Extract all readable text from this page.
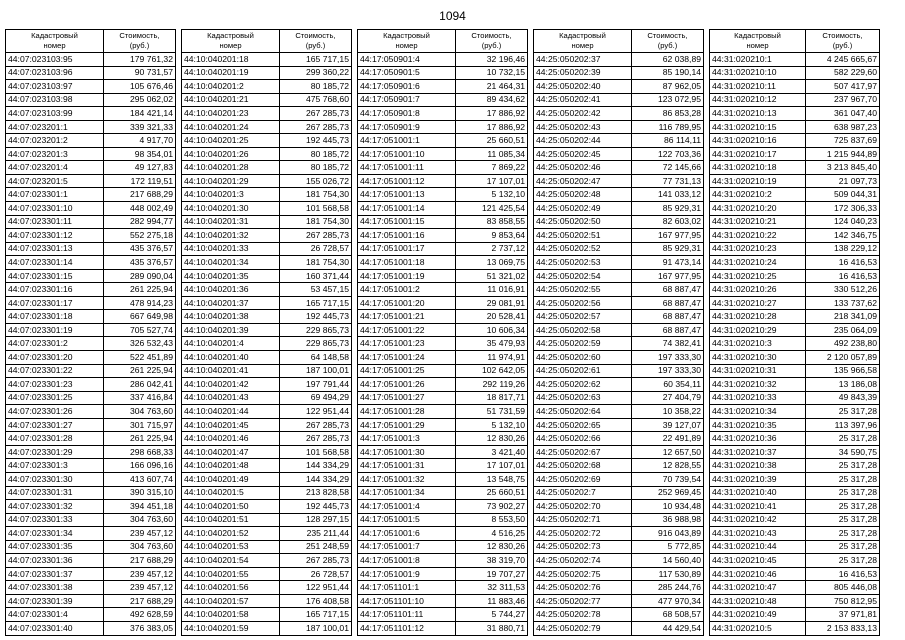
1094
Кадастровый
номер	Стоимость,
(руб.)
44:07:023103:95	179 761,32
44:07:023103:96	90 731,57
44:07:023103:97	105 676,46
44:07:023103:98	295 062,02
44:07:023103:99	184 421,14
44:07:023201:1	339 321,33
44:07:023201:2	4 917,70
44:07:023201:3	98 354,01
44:07:023201:4	49 127,83
44:07:023201:5	172 119,51
44:07:023301:1	217 688,29
44:07:023301:10	448 002,49
44:07:023301:11	282 994,77
44:07:023301:12	552 275,18
44:07:023301:13	435 376,57
44:07:023301:14	435 376,57
44:07:023301:15	289 090,04
44:07:023301:16	261 225,94
44:07:023301:17	478 914,23
44:07:023301:18	667 649,98
44:07:023301:19	705 527,74
44:07:023301:2	326 532,43
44:07:023301:20	522 451,89
44:07:023301:22	261 225,94
44:07:023301:23	286 042,41
44:07:023301:25	337 416,84
44:07:023301:26	304 763,60
44:07:023301:27	301 715,97
44:07:023301:28	261 225,94
44:07:023301:29	298 668,33
44:07:023301:3	166 096,16
44:07:023301:30	413 607,74
44:07:023301:31	390 315,10
44:07:023301:32	394 451,18
44:07:023301:33	304 763,60
44:07:023301:34	239 457,12
44:07:023301:35	304 763,60
44:07:023301:36	217 688,29
44:07:023301:37	239 457,12
44:07:023301:38	239 457,12
44:07:023301:39	217 688,29
44:07:023301:4	492 628,59
44:07:023301:40	376 383,05
Кадастровый
номер	Стоимость,
(руб.)
44:10:040201:18	165 717,15
44:10:040201:19	299 360,22
44:10:040201:2	80 185,72
44:10:040201:21	475 768,60
44:10:040201:23	267 285,73
44:10:040201:24	267 285,73
44:10:040201:25	192 445,73
44:10:040201:26	80 185,72
44:10:040201:28	80 185,72
44:10:040201:29	155 026,72
44:10:040201:3	181 754,30
44:10:040201:30	101 568,58
44:10:040201:31	181 754,30
44:10:040201:32	267 285,73
44:10:040201:33	26 728,57
44:10:040201:34	181 754,30
44:10:040201:35	160 371,44
44:10:040201:36	53 457,15
44:10:040201:37	165 717,15
44:10:040201:38	192 445,73
44:10:040201:39	229 865,73
44:10:040201:4	229 865,73
44:10:040201:40	64 148,58
44:10:040201:41	187 100,01
44:10:040201:42	197 791,44
44:10:040201:43	69 494,29
44:10:040201:44	122 951,44
44:10:040201:45	267 285,73
44:10:040201:46	267 285,73
44:10:040201:47	101 568,58
44:10:040201:48	144 334,29
44:10:040201:49	144 334,29
44:10:040201:5	213 828,58
44:10:040201:50	192 445,73
44:10:040201:51	128 297,15
44:10:040201:52	235 211,44
44:10:040201:53	251 248,59
44:10:040201:54	267 285,73
44:10:040201:55	26 728,57
44:10:040201:56	122 951,44
44:10:040201:57	176 408,58
44:10:040201:58	165 717,15
44:10:040201:59	187 100,01
Кадастровый
номер	Стоимость,
(руб.)
44:17:050901:4	32 196,46
44:17:050901:5	10 732,15
44:17:050901:6	21 464,31
44:17:050901:7	89 434,62
44:17:050901:8	17 886,92
44:17:050901:9	17 886,92
44:17:051001:1	25 660,51
44:17:051001:10	11 085,34
44:17:051001:11	7 869,22
44:17:051001:12	17 107,01
44:17:051001:13	5 132,10
44:17:051001:14	121 425,54
44:17:051001:15	83 858,55
44:17:051001:16	9 853,64
44:17:051001:17	2 737,12
44:17:051001:18	13 069,75
44:17:051001:19	51 321,02
44:17:051001:2	11 016,91
44:17:051001:20	29 081,91
44:17:051001:21	20 528,41
44:17:051001:22	10 606,34
44:17:051001:23	35 479,93
44:17:051001:24	11 974,91
44:17:051001:25	102 642,05
44:17:051001:26	292 119,26
44:17:051001:27	18 817,71
44:17:051001:28	51 731,59
44:17:051001:29	5 132,10
44:17:051001:3	12 830,26
44:17:051001:30	3 421,40
44:17:051001:31	17 107,01
44:17:051001:32	13 548,75
44:17:051001:34	25 660,51
44:17:051001:4	73 902,27
44:17:051001:5	8 553,50
44:17:051001:6	4 516,25
44:17:051001:7	12 830,26
44:17:051001:8	38 319,70
44:17:051001:9	19 707,27
44:17:051101:1	32 311,53
44:17:051101:10	11 883,46
44:17:051101:11	5 744,27
44:17:051101:12	31 880,71
Кадастровый
номер	Стоимость,
(руб.)
44:25:050202:37	62 038,89
44:25:050202:39	85 190,14
44:25:050202:40	87 962,05
44:25:050202:41	123 072,95
44:25:050202:42	86 853,28
44:25:050202:43	116 789,95
44:25:050202:44	86 114,11
44:25:050202:45	122 703,36
44:25:050202:46	72 145,66
44:25:050202:47	77 731,13
44:25:050202:48	141 033,12
44:25:050202:49	85 929,31
44:25:050202:50	82 603,02
44:25:050202:51	167 977,95
44:25:050202:52	85 929,31
44:25:050202:53	91 473,14
44:25:050202:54	167 977,95
44:25:050202:55	68 887,47
44:25:050202:56	68 887,47
44:25:050202:57	68 887,47
44:25:050202:58	68 887,47
44:25:050202:59	74 382,41
44:25:050202:60	197 333,30
44:25:050202:61	197 333,30
44:25:050202:62	60 354,11
44:25:050202:63	27 404,79
44:25:050202:64	10 358,22
44:25:050202:65	39 127,07
44:25:050202:66	22 491,89
44:25:050202:67	12 657,50
44:25:050202:68	12 828,55
44:25:050202:69	70 739,54
44:25:050202:7	252 969,45
44:25:050202:70	10 934,48
44:25:050202:71	36 988,98
44:25:050202:72	916 043,89
44:25:050202:73	5 772,85
44:25:050202:74	14 560,40
44:25:050202:75	117 530,89
44:25:050202:76	285 244,76
44:25:050202:77	477 970,34
44:25:050202:78	68 508,57
44:25:050202:79	44 429,54
Кадастровый
номер	Стоимость,
(руб.)
44:31:020210:1	4 245 665,67
44:31:020210:10	582 229,60
44:31:020210:11	507 417,97
44:31:020210:12	237 967,70
44:31:020210:13	361 047,40
44:31:020210:15	638 987,23
44:31:020210:16	725 837,69
44:31:020210:17	1 215 944,89
44:31:020210:18	3 213 845,40
44:31:020210:19	21 097,73
44:31:020210:2	509 044,31
44:31:020210:20	172 306,33
44:31:020210:21	124 040,23
44:31:020210:22	142 346,75
44:31:020210:23	138 229,12
44:31:020210:24	16 416,53
44:31:020210:25	16 416,53
44:31:020210:26	330 512,26
44:31:020210:27	133 737,62
44:31:020210:28	218 341,09
44:31:020210:29	235 064,09
44:31:020210:3	492 238,80
44:31:020210:30	2 120 057,89
44:31:020210:31	135 966,58
44:31:020210:32	13 186,08
44:31:020210:33	49 843,39
44:31:020210:34	25 317,28
44:31:020210:35	113 397,96
44:31:020210:36	25 317,28
44:31:020210:37	34 590,75
44:31:020210:38	25 317,28
44:31:020210:39	25 317,28
44:31:020210:40	25 317,28
44:31:020210:41	25 317,28
44:31:020210:42	25 317,28
44:31:020210:43	25 317,28
44:31:020210:44	25 317,28
44:31:020210:45	25 317,28
44:31:020210:46	16 416,53
44:31:020210:47	805 446,08
44:31:020210:48	750 812,95
44:31:020210:49	37 971,81
44:31:020210:5	2 153 833,13
